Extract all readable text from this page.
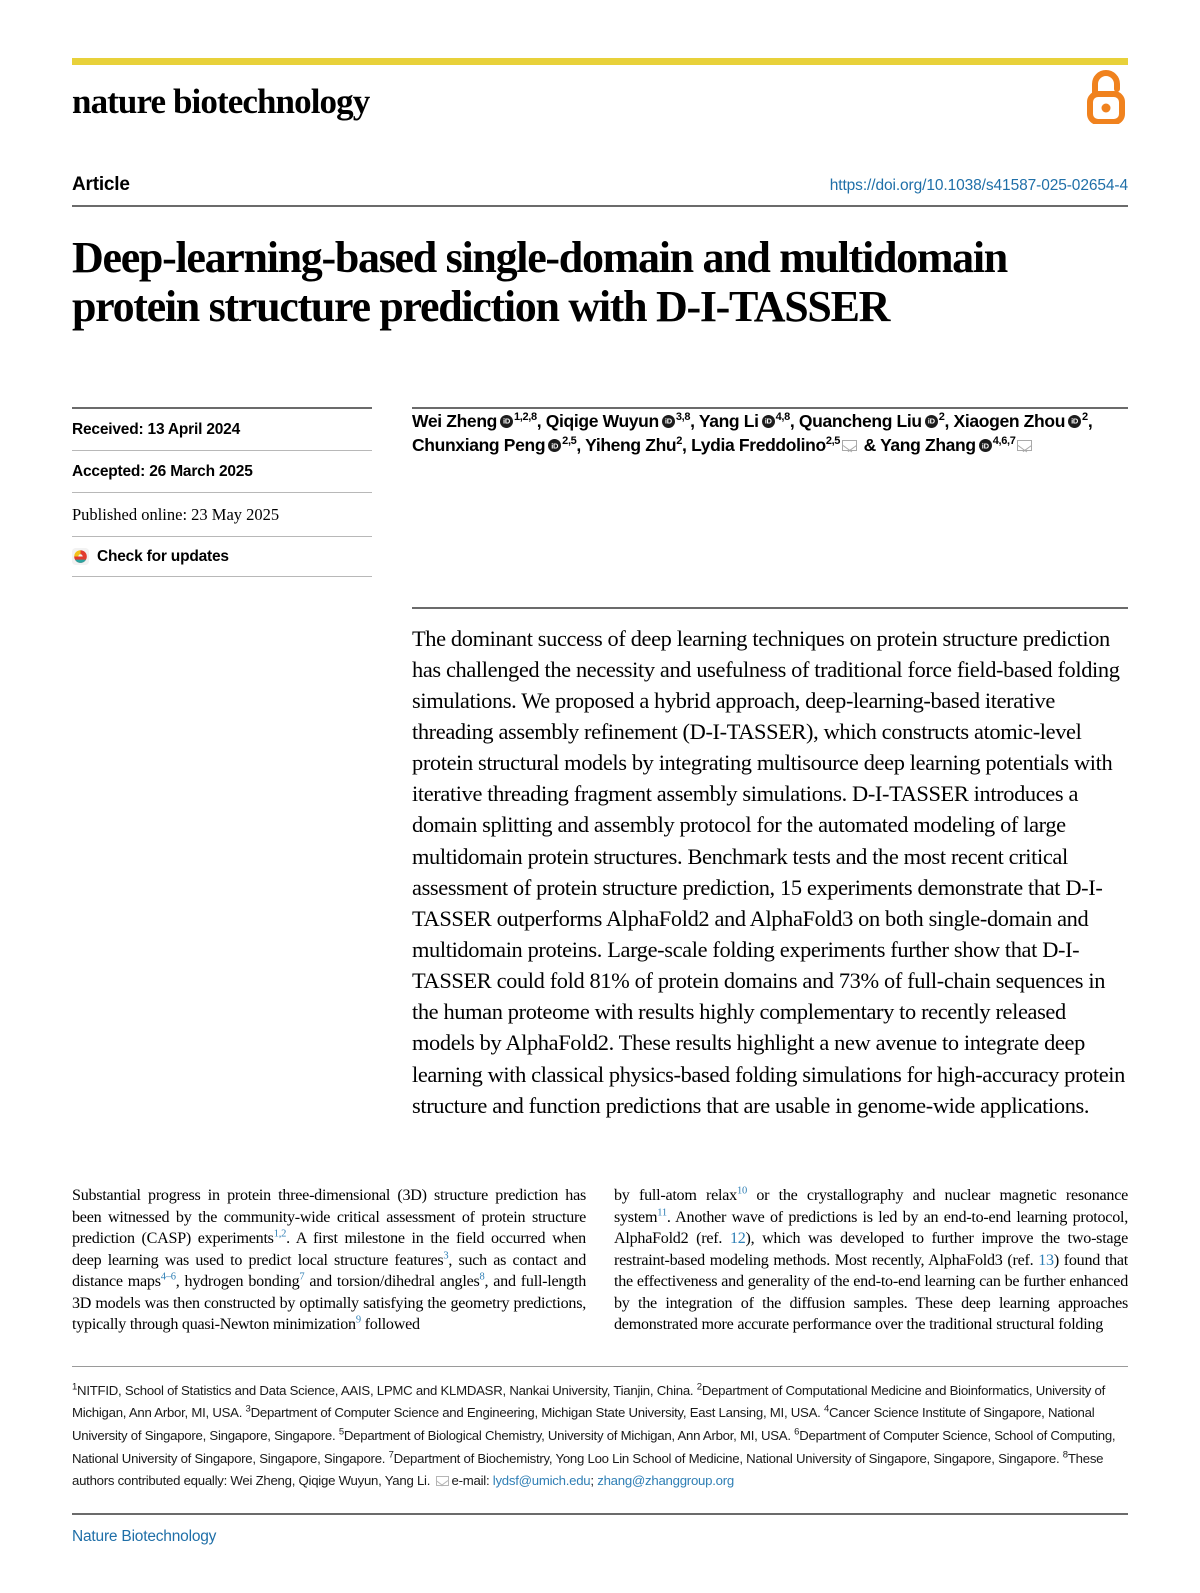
nature biotechnology
Article	https://doi.org/10.1038/s41587-025-02654-4
Deep-learning-based single-domain and multidomain protein structure prediction with D-I-TASSER
Received: 13 April 2024
Accepted: 26 March 2025
Published online: 23 May 2025
Check for updates
Wei Zheng iD $^{1,2,8}$, Qiqige Wuyun iD $^{3,8}$, Yang Li iD $^{4,8}$, Quancheng Liu iD $^2$, Xiaogen Zhou iD $^2$, Chunxiang Peng iD $^{2,5}$, Yiheng Zhu$^2$, Lydia Freddolino$^{2,5}$ & Yang Zhang iD $^{4,6,7}$

The dominant success of deep learning techniques on protein structure prediction has challenged the necessity and usefulness of traditional force field-based folding simulations. We proposed a hybrid approach, deep-learning-based iterative threading assembly refinement (D-I-TASSER), which constructs atomic-level protein structural models by integrating multisource deep learning potentials with iterative threading fragment assembly simulations. D-I-TASSER introduces a domain splitting and assembly protocol for the automated modeling of large multidomain protein structures. Benchmark tests and the most recent critical assessment of protein structure prediction, 15 experiments demonstrate that D-I-TASSER outperforms AlphaFold2 and AlphaFold3 on both single-domain and multidomain proteins. Large-scale folding experiments further show that D-I-TASSER could fold 81% of protein domains and 73% of full-chain sequences in the human proteome with results highly complementary to recently released models by AlphaFold2. These results highlight a new avenue to integrate deep learning with classical physics-based folding simulations for high-accuracy protein structure and function predictions that are usable in genome-wide applications.

Substantial progress in protein three-dimensional (3D) structure prediction has been witnessed by the community-wide critical assessment of protein structure prediction (CASP) experiments$^{1,2}$. A first milestone in the field occurred when deep learning was used to predict local structure features$^3$, such as contact and distance maps$^{4-6}$, hydrogen bonding$^7$ and torsion/dihedral angles$^8$, and full-length 3D models was then constructed by optimally satisfying the geometry predictions, typically through quasi-Newton minimization$^9$ followed
by full-atom relax$^{10}$ or the crystallography and nuclear magnetic resonance system$^{11}$. Another wave of predictions is led by an end-to-end learning protocol, AlphaFold2 (ref. 12), which was developed to further improve the two-stage restraint-based modeling methods. Most recently, AlphaFold3 (ref. 13) found that the effectiveness and generality of the end-to-end learning can be further enhanced by the integration of the diffusion samples. These deep learning approaches demonstrated more accurate performance over the traditional structural folding
$^1$NITFID, School of Statistics and Data Science, AAIS, LPMC and KLMDASR, Nankai University, Tianjin, China. $^2$Department of Computational Medicine and Bioinformatics, University of Michigan, Ann Arbor, MI, USA. $^3$Department of Computer Science and Engineering, Michigan State University, East Lansing, MI, USA. $^4$Cancer Science Institute of Singapore, National University of Singapore, Singapore, Singapore. $^5$Department of Biological Chemistry, University of Michigan, Ann Arbor, MI, USA. $^6$Department of Computer Science, School of Computing, National University of Singapore, Singapore, Singapore. $^7$Department of Biochemistry, Yong Loo Lin School of Medicine, National University of Singapore, Singapore, Singapore. $^8$These authors contributed equally: Wei Zheng, Qiqige Wuyun, Yang Li. e-mail: lydsf@umich.edu; zhang@zhanggroup.org
Nature Biotechnology
